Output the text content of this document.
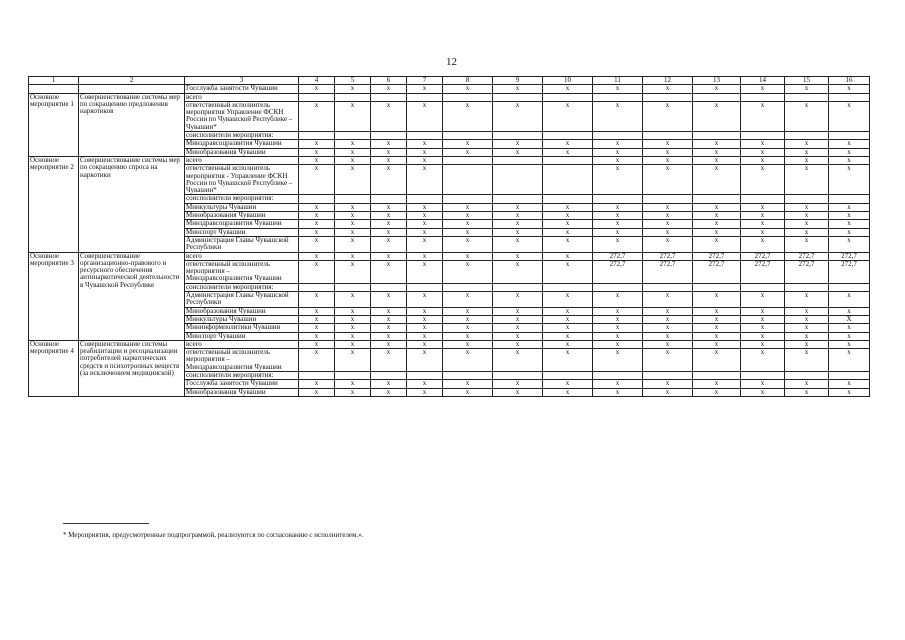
12
1	2	3	4	5	6	7	8	9	10	11	12	13	14	15	16
		Госслужба занятости Чувашии	x	x	x	x	x	x	x	x	x	x	x	x	x
Основное мероприятие 1	Совершенствование системы мер по сокращению предложения наркотиков	всего													
		ответственный исполнитель мероприятия Управление ФСКН России по Чувашской Республике – Чувашии*	x	x	x	x	x	x	x	x	x	x	x	x	x
		соисполнители мероприятия:													
		Минздравсоцразвития Чувашии	x	x	x	x	x	x	x	x	x	x	x	x	x
		Минобразования Чувашии	x	x	x	x	x	x	x	x	x	x	x	x	x
Основное мероприятие 2	Совершенствование системы мер по сокращению спроса на наркотики	всего	x	x	x	x				x	x	x	x	x	x
		ответственный исполнитель мероприятия - Управление ФСКН России по Чувашской Республике – Чувашии*	x	x	x	x				x	x	x	x	x	x
		соисполнители мероприятия:													
		Минкультуры Чувашии	x	x	x	x	x	x	x	x	x	x	x	x	x
		Минобразования Чувашии	x	x	x	x	x	x	x	x	x	x	x	x	x
		Минздравсоцразвития Чувашии	x	x	x	x	x	x	x	x	x	x	x	x	x
		Минспорт Чувашии	x	x	x	x	x	x	x	x	x	x	x	x	x
		Администрация Главы Чувашской Республики	x	x	x	x	x	x	x	x	x	x	x	x	x
Основное мероприятие 3	Совершенствование организационно-правового и ресурсного обеспечения антинаркотической деятельности в Чувашской Республике	всего	x	x	x	x	x	x	x	272,7	272,7	272,7	272,7	272,7	272,7
		ответственный исполнитель мероприятия – Минздравсоцразвития Чувашии	x	x	x	x	x	x	x	272,7	272,7	272,7	272,7	272,7	272,7
		соисполнители мероприятия:													
		Администрация Главы Чувашской Республики	x	x	x	x	x	x	x	x	x	x	x	x	x
		Минобразования Чувашии	x	x	x	x	x	x	x	x	x	x	x	x	x
		Минкультуры Чувашии	x	x	x	x	x	x	x	x	x	x	x	x	X
		Мининформполитики Чувашии	x	x	x	x	x	x	x	x	x	x	x	x	x
		Минспорт Чувашии	x	x	x	x	x	x	x	x	x	x	x	x	x
Основное мероприятие 4	Совершенствование системы реабилитации и ресоциализации потребителей наркотических средств и психотропных веществ (за исключением медицинской)	всего	x	x	x	x	x	x	x	x	x	x	x	x	x
		ответственный исполнитель мероприятия – Минздравсоцразвития Чувашии	x	x	x	x	x	x	x	x	x	x	x	x	x
		соисполнители мероприятия:													
		Госслужба занятости Чувашии	x	x	x	x	x	x	x	x	x	x	x	x	x
		Минобразования Чувашии	x	x	x	x	x	x	x	x	x	x	x	x	x
* Мероприятия, предусмотренные подпрограммой, реализуются по согласованию с исполнителем.».
